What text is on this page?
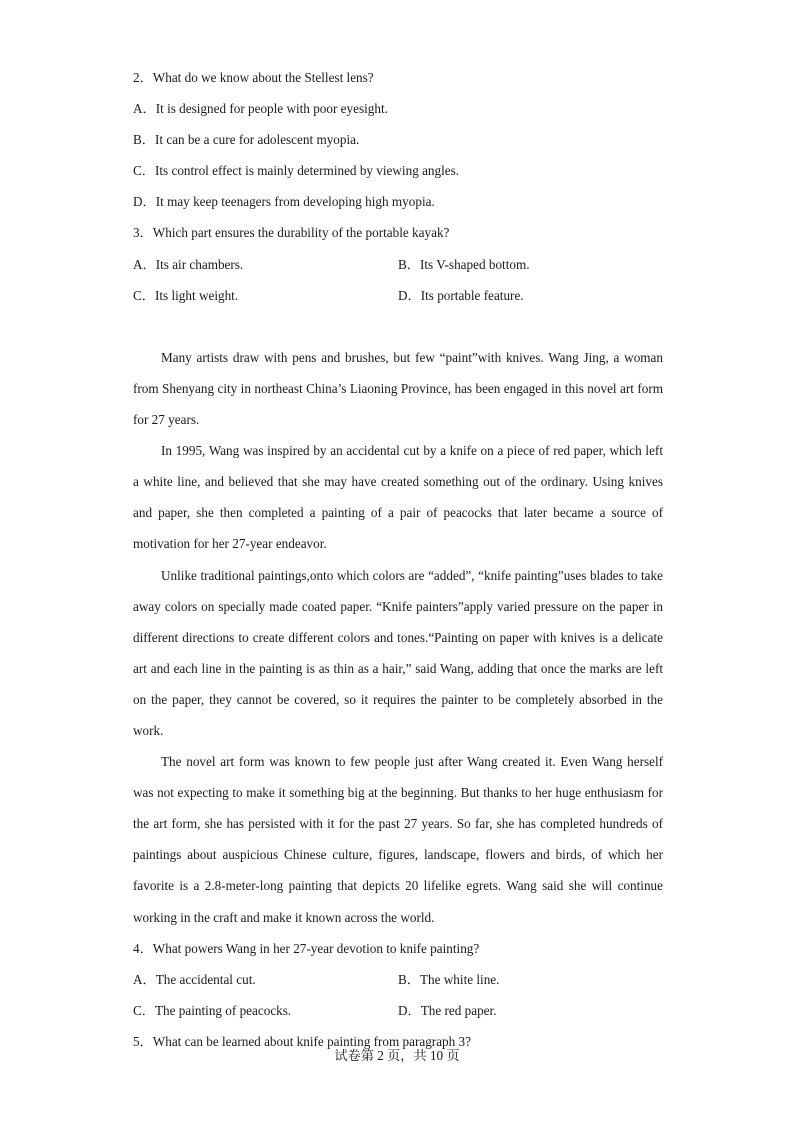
2．What do we know about the Stellest lens?
A．It is designed for people with poor eyesight.
B．It can be a cure for adolescent myopia.
C．Its control effect is mainly determined by viewing angles.
D．It may keep teenagers from developing high myopia.
3．Which part ensures the durability of the portable kayak?
A．Its air chambers.	B．Its V-shaped bottom.
C．Its light weight.	D．Its portable feature.

Many artists draw with pens and brushes, but few “paint”with knives. Wang Jing, a woman from Shenyang city in northeast China’s Liaoning Province, has been engaged in this novel art form for 27 years.

In 1995, Wang was inspired by an accidental cut by a knife on a piece of red paper, which left a white line, and believed that she may have created something out of the ordinary. Using knives and paper, she then completed a painting of a pair of peacocks that later became a source of motivation for her 27-year endeavor.

Unlike traditional paintings,onto which colors are “added”, “knife painting”uses blades to take away colors on specially made coated paper. “Knife painters”apply varied pressure on the paper in different directions to create different colors and tones.“Painting on paper with knives is a delicate art and each line in the painting is as thin as a hair,” said Wang, adding that once the marks are left on the paper, they cannot be covered, so it requires the painter to be completely absorbed in the work.

The novel art form was known to few people just after Wang created it. Even Wang herself was not expecting to make it something big at the beginning. But thanks to her huge enthusiasm for the art form, she has persisted with it for the past 27 years. So far, she has completed hundreds of paintings about auspicious Chinese culture, figures, landscape, flowers and birds, of which her favorite is a 2.8-meter-long painting that depicts 20 lifelike egrets. Wang said she will continue working in the craft and make it known across the world.

4．What powers Wang in her 27-year devotion to knife painting?
A．The accidental cut.	B．The white line.
C．The painting of peacocks.	D．The red paper.
5．What can be learned about knife painting from paragraph 3?
试卷第 2 页，共 10 页
